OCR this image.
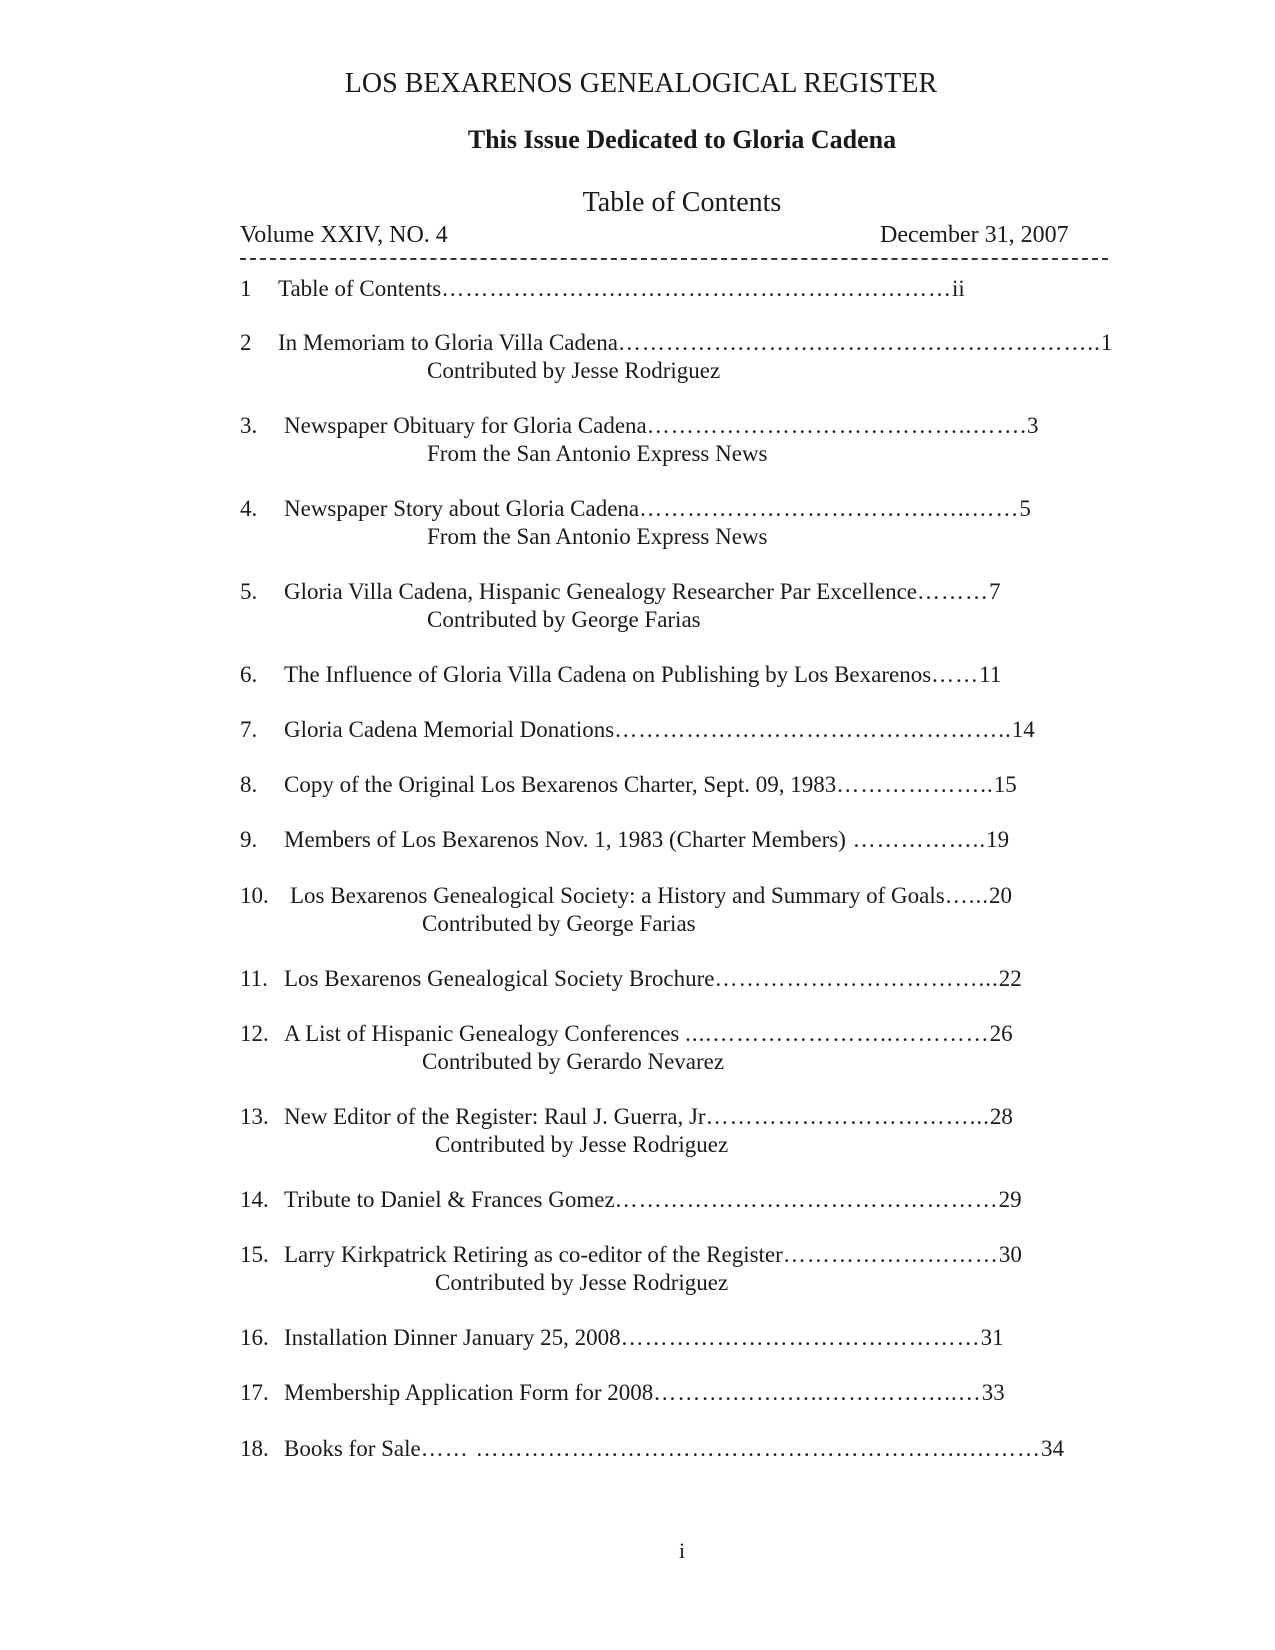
LOS BEXARENOS GENEALOGICAL REGISTER
This Issue Dedicated to Gloria Cadena
Table of Contents
Volume XXIV, NO. 4	December 31, 2007
1 Table of Contents………………….……………………………………ii
2 In Memoriam to Gloria Villa Cadena…………….……….……………………………..1
Contributed by Jesse Rodriguez
3. Newspaper Obituary for Gloria Cadena…………………………………..…….3
From the San Antonio Express News
4. Newspaper Story about Gloria Cadena……………………………….…..……5
From the San Antonio Express News
5. Gloria Villa Cadena, Hispanic Genealogy Researcher Par Excellence………7
Contributed by George Farias
6. The Influence of Gloria Villa Cadena on Publishing by Los Bexarenos……11
7. Gloria Cadena Memorial Donations…………………………………………..14
8. Copy of the Original Los Bexarenos Charter, Sept. 09, 1983………………..15
9. Members of Los Bexarenos Nov. 1, 1983 (Charter Members) ……………..19
10. Los Bexarenos Genealogical Society: a History and Summary of Goals…...20
Contributed by George Farias
11. Los Bexarenos Genealogical Society Brochure……………………………...22
12. A List of Hispanic Genealogy Conferences ....…………………..…………26
Contributed by Gerardo Nevarez
13. New Editor of the Register: Raul J. Guerra, Jr……………………………...28
Contributed by Jesse Rodriguez
14. Tribute to Daniel & Frances Gomez…………………………………………29
15. Larry Kirkpatrick Retiring as co-editor of the Register………………………30
Contributed by Jesse Rodriguez
16. Installation Dinner January 25, 2008………………………………………31
17. Membership Application Form for 2008……….…….…..……………..…33
18. Books for Sale…… ……………………………………………………..………34
i
